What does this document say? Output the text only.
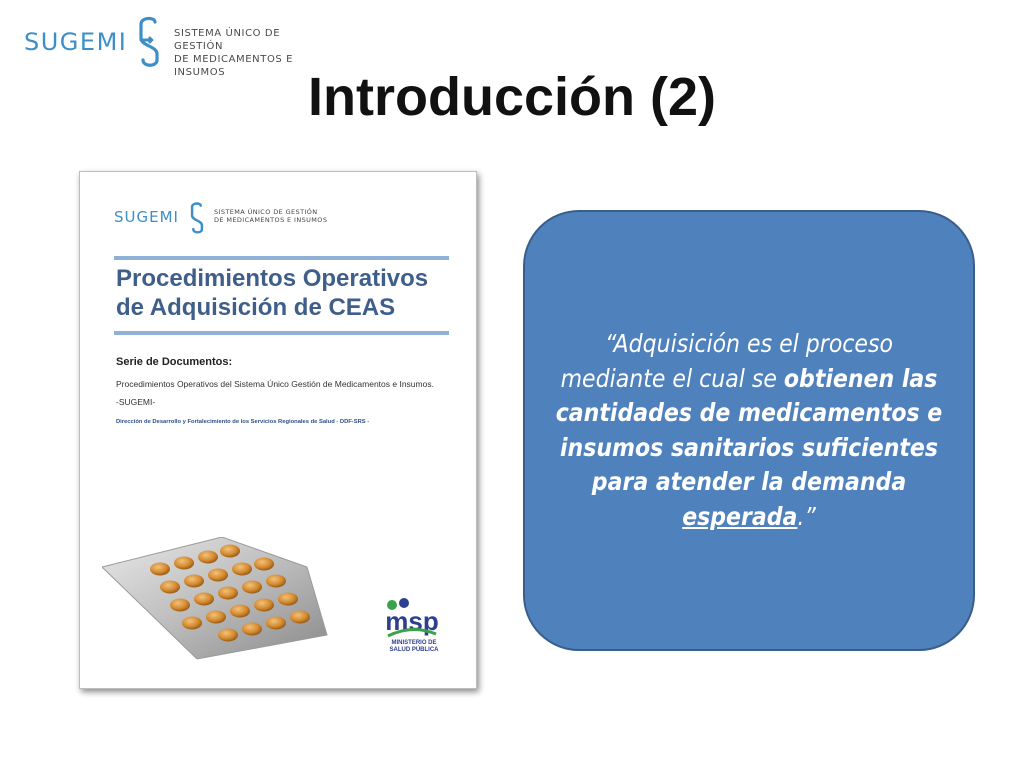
SUGEMI	SISTEMA ÚNICO DE GESTIÓN
DE MEDICAMENTOS E INSUMOS	Introducción (2)
SUGEMI	SISTEMA ÚNICO DE GESTIÓN
DE MEDICAMENTOS E INSUMOS
Procedimientos Operativos
de Adquisición de CEAS
Serie de Documentos:
Procedimientos Operativos del Sistema Único Gestión de Medicamentos e Insumos.
-SUGEMI-
Dirección de Desarrollo y Fortalecimiento de los Servicios Regionales de Salud - DDF-SRS -
msp
MINISTERIO DE
SALUD PÚBLICA

“Adquisición es el proceso mediante el cual se obtienen las cantidades de medicamentos e insumos sanitarios suficientes para atender la demanda esperada.”
